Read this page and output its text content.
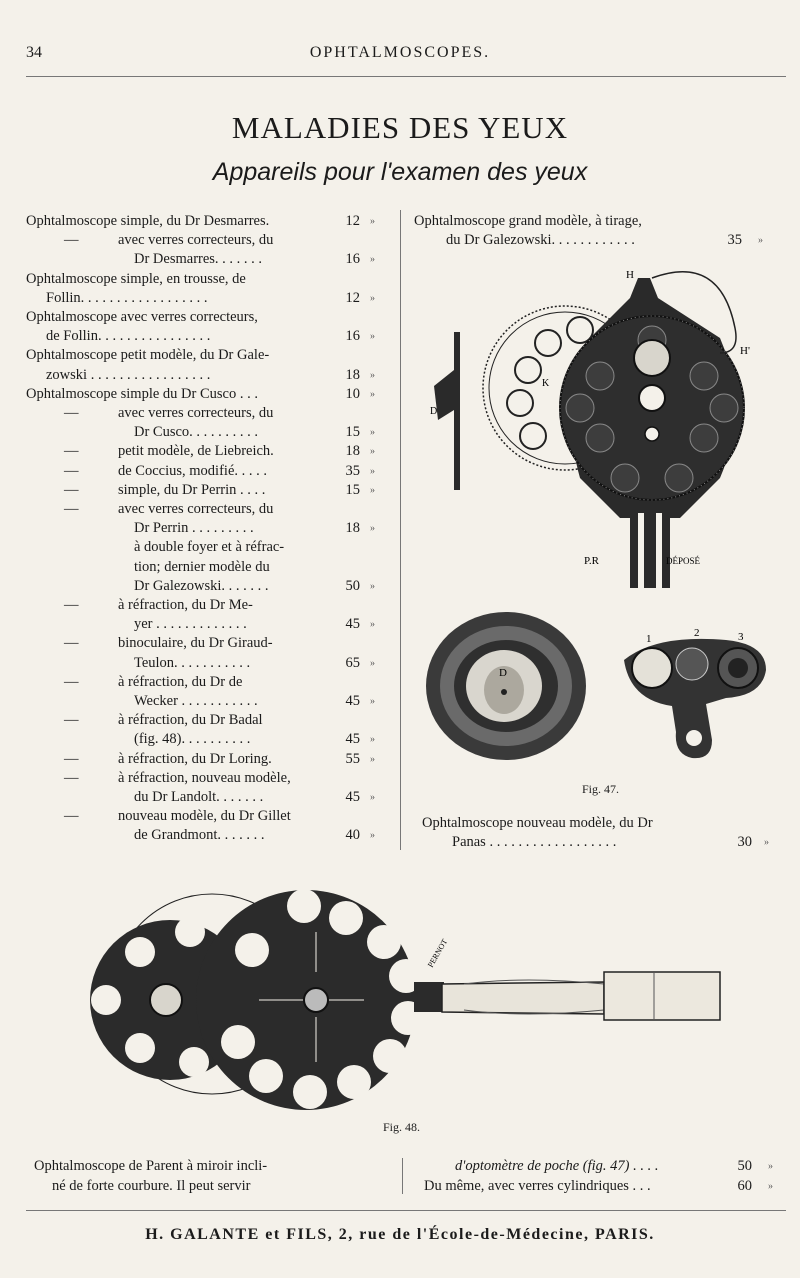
34	OPHTALMOSCOPES.
MALADIES DES YEUX
Appareils pour l'examen des yeux
Ophtalmoscope simple, du Dr Desmarres.	12 »
—	avec verres correcteurs, du
Dr Desmarres. . . . . . .	16 »
Ophtalmoscope simple, en trousse, de
Follin. . . . . . . . . . . . . . . . . .	12 »
Ophtalmoscope avec verres correcteurs,
de Follin. . . . . . . . . . . . . . . .	16 »
Ophtalmoscope petit modèle, du Dr Gale-
zowski . . . . . . . . . . . . . . . . .	18 »
Ophtalmoscope simple du Dr Cusco . . .	10 »
—	avec verres correcteurs, du
Dr Cusco. . . . . . . . . .	15 »
—	petit modèle, de Liebreich.	18 »
—	de Coccius, modifié. . . . .	35 »
—	simple, du Dr Perrin . . . .	15 »
—	avec verres correcteurs, du
Dr Perrin . . . . . . . . .	18 »
à double foyer et à réfrac-
tion; dernier modèle du
Dr Galezowski. . . . . . .	50 »
—	à réfraction, du Dr Me-
yer . . . . . . . . . . . . .	45 »
—	binoculaire, du Dr Giraud-
Teulon. . . . . . . . . . .	65 »
—	à réfraction, du Dr de
Wecker . . . . . . . . . . .	45 »
—	à réfraction, du Dr Badal
(fig. 48). . . . . . . . . .	45 »
—	à réfraction, du Dr Loring.	55 »
—	à réfraction, nouveau modèle,
du Dr Landolt. . . . . . .	45 »
—	nouveau modèle, du Dr Gillet
de Grandmont. . . . . . .	40 »
Ophtalmoscope grand modèle, à tirage,
du Dr Galezowski. . . . . . . . . . . .	35 »
H
H'
K
P.R	DÉPOSÉ
D
D
1	2	3
Fig. 47.
Ophtalmoscope nouveau modèle, du Dr
Panas . . . . . . . . . . . . . . . . . .	30 »
PERNOT
Fig. 48.
Ophtalmoscope de Parent à miroir incli-
né de forte courbure. Il peut servir
d'optomètre de poche (fig. 47) . . . .	50 »
Du même, avec verres cylindriques . . .	60 »
H. GALANTE et FILS, 2, rue de l'École-de-Médecine, PARIS.
